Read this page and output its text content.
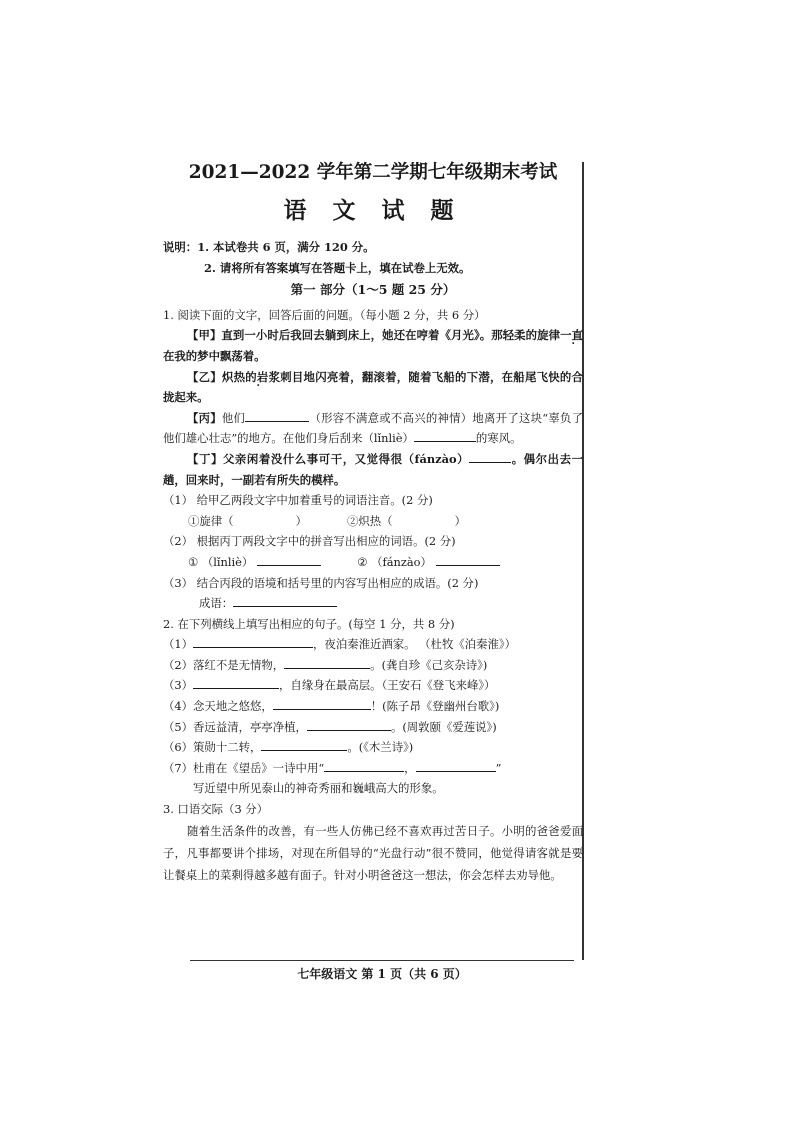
2021—2022 学年第二学期七年级期末考试
语 文 试 题
说明：1. 本试卷共 6 页，满分 120 分。
2. 请将所有答案填写在答题卡上，填在试卷上无效。
第一 部分（1～5 题 25 分）
1. 阅读下面的文字，回答后面的问题。（每小题 2 分，共 6 分）
【甲】直到一小时后我回去躺到床上，她还在哼着《月光》。那轻柔的旋律 .一直在我的梦中飘荡着。
【乙】炽热 .的岩浆刺目地闪亮着，翻滚着，随着飞船的下潜，在船尾飞快的合拢起来。
【丙】他们	（形容不满意或不高兴的神情）地离开了这块“辜负了他们雄心壮志”的地方。在他们身后刮来（lǐnliè）	的寒风。
【丁】父亲闲着没什么事可干，又觉得很（fánzào）	。偶尔出去一趟，回来时，一副若有所失的模样。
（1） 给甲乙两段文字中加着重号的词语注音。(2 分)
①旋律（	）	②炽热（	）
（2） 根据丙丁两段文字中的拼音写出相应的词语。(2 分)
① （lǐnliè）	② （fánzào）
（3） 结合丙段的语境和括号里的内容写出相应的成语。(2 分)
成语：
2. 在下列横线上填写出相应的句子。(每空 1 分，共 8 分)
（1）	，夜泊秦淮近酒家。 （杜牧《泊秦淮》）
（2）落红不是无情物，	。(龚自珍《己亥杂诗》)
（3）	，自缘身在最高层。（王安石《登飞来峰》）
（4）念天地之悠悠，	！(陈子昂《登幽州台歌》)
（5）香远益清，亭亭净植，	。(周敦颐《爱莲说》)
（6）策勋十二转，	。(《木兰诗》)
（7）杜甫在《望岳》一诗中用“	，	”
写近望中所见泰山的神奇秀丽和巍峨高大的形象。
3. 口语交际（3 分）
随着生活条件的改善，有一些人仿佛已经不喜欢再过苦日子。小明的爸爸爱面子，凡事都要讲个排场，对现在所倡导的“光盘行动”很不赞同，他觉得请客就是要让餐桌上的菜剩得越多越有面子。针对小明爸爸这一想法，你会怎样去劝导他。
七年级语文 第 1 页（共 6 页）
